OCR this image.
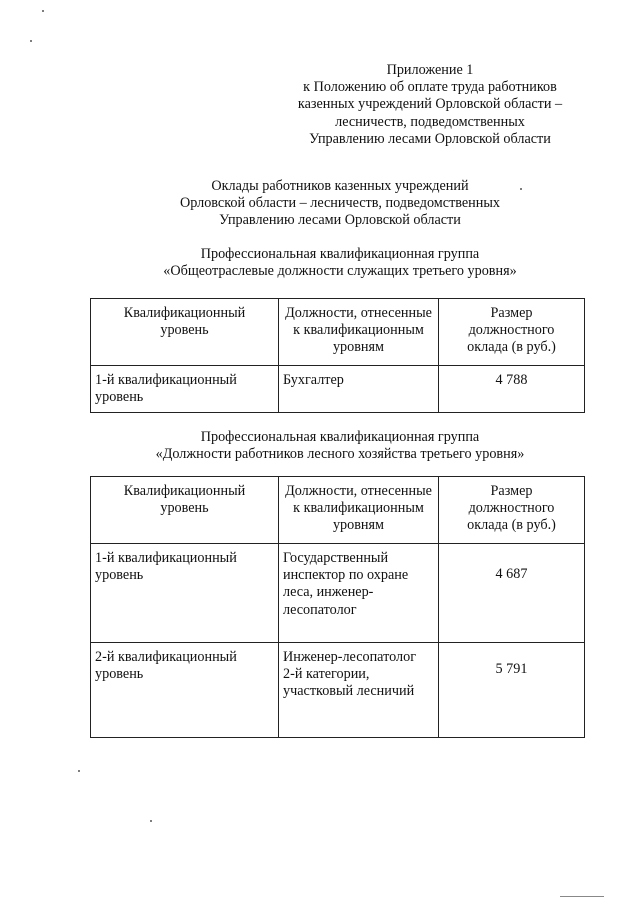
Приложение 1
к Положению об оплате труда работников
казенных учреждений Орловской области –
лесничеств, подведомственных
Управлению лесами Орловской области
Оклады работников казенных учреждений
Орловской области – лесничеств, подведомственных
Управлению лесами Орловской области
Профессиональная квалификационная группа
«Общеотраслевые должности служащих третьего уровня»
Квалификационный
уровень	Должности, отнесенные
к квалификационным
уровням	Размер
должностного
оклада (в руб.)

1-й квалификационный
уровень	Бухгалтер	4 788
Профессиональная квалификационная группа
«Должности работников лесного хозяйства третьего уровня»
Квалификационный
уровень	Должности, отнесенные
к квалификационным
уровням	Размер
должностного
оклада (в руб.)

1-й квалификационный
уровень	Государственный
инспектор по охране
леса, инженер-
лесопатолог	4 687

2-й квалификационный
уровень	Инженер-лесопатолог
2-й категории,
участковый лесничий	5 791
